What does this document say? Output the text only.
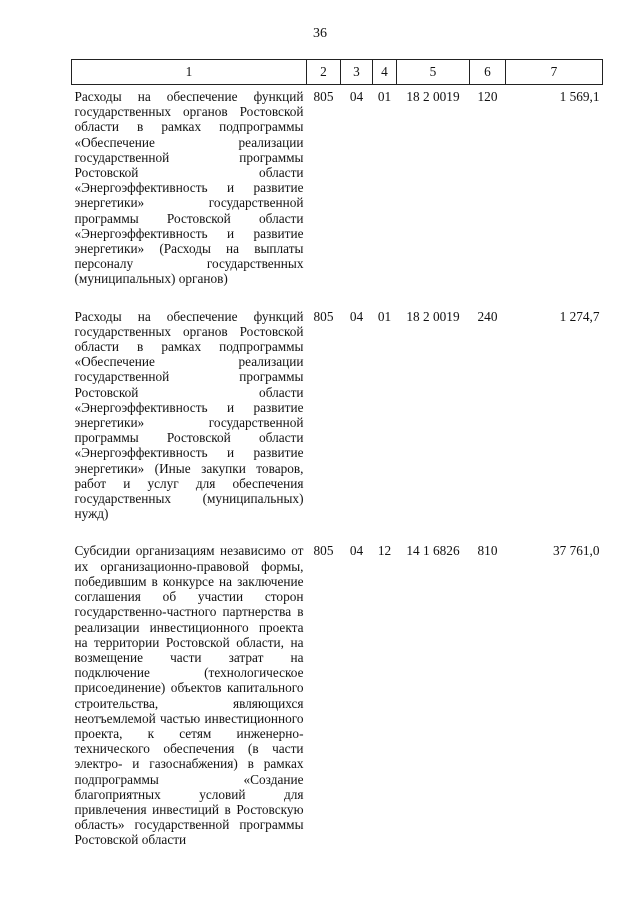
36
1	2	3	4	5	6	7
Расходы на обеспечение функций государственных органов Ростовской области в рамках подпрограммы «Обеспечение реализации государственной программы Ростовской области «Энергоэффективность и развитие энергетики» государственной программы Ростовской области «Энергоэффективность и развитие энергетики» (Расходы на выплаты персоналу государственных (муниципальных) органов)	805	04	01	18 2 0019	120	1 569,1

Расходы на обеспечение функций государственных органов Ростовской области в рамках подпрограммы «Обеспечение реализации государственной программы Ростовской области «Энергоэффективность и развитие энергетики» государственной программы Ростовской области «Энергоэффективность и развитие энергетики» (Иные закупки товаров, работ и услуг для обеспечения государственных (муниципальных) нужд)	805	04	01	18 2 0019	240	1 274,7

Субсидии организациям независимо от их организационно-правовой формы, победившим в конкурсе на заключение соглашения об участии сторон государственно-частного партнерства в реализации инвестиционного проекта на территории Ростовской области, на возмещение части затрат на подключение (технологическое присоединение) объектов капитального строительства, являющихся неотъемлемой частью инвестиционного проекта, к сетям инженерно-технического обеспечения (в части электро- и газоснабжения) в рамках подпрограммы «Создание благоприятных условий для привлечения инвестиций в Ростовскую область» государственной программы Ростовской области	805	04	12	14 1 6826	810	37 761,0
